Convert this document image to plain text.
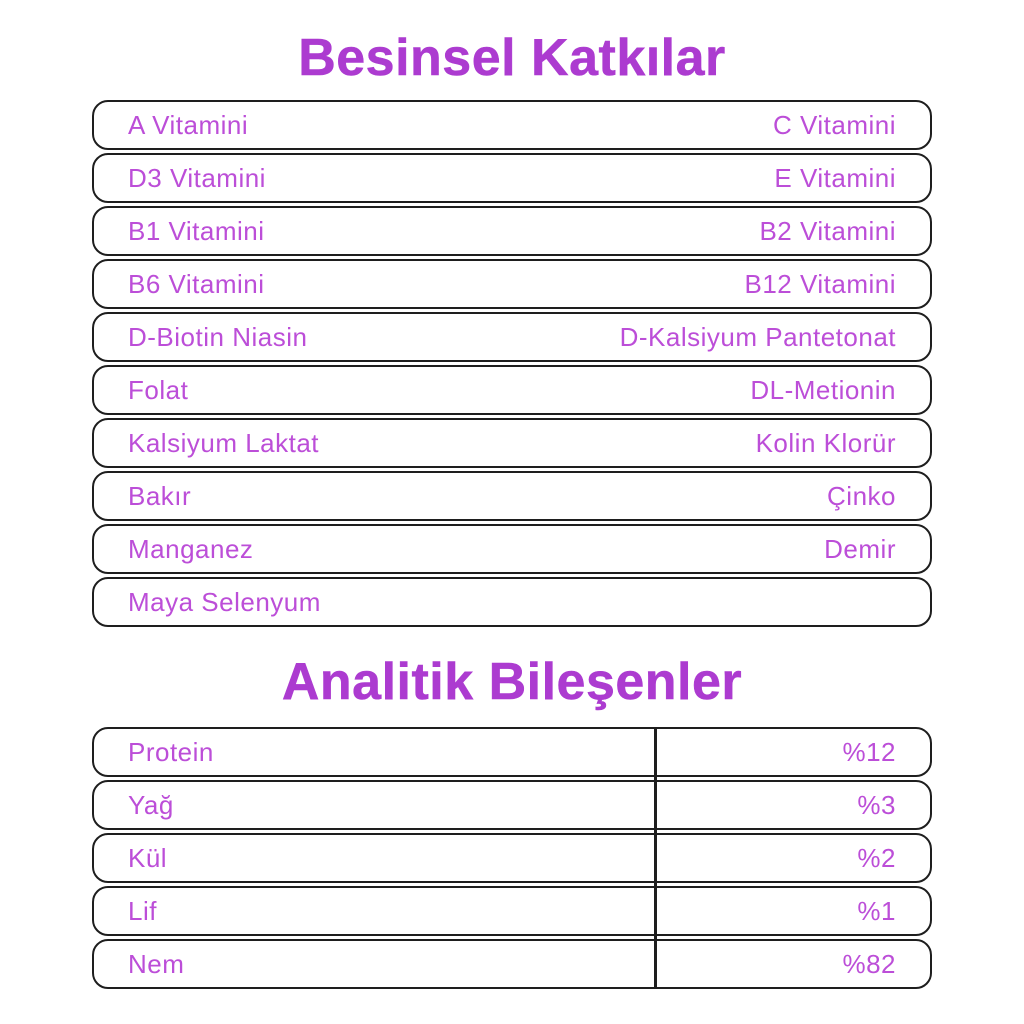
Besinsel Katkılar
A Vitamini	C Vitamini
D3 Vitamini	E Vitamini
B1 Vitamini	B2 Vitamini
B6 Vitamini	B12 Vitamini
D-Biotin Niasin	D-Kalsiyum Pantetonat
Folat	DL-Metionin
Kalsiyum Laktat	Kolin Klorür
Bakır	Çinko
Manganez	Demir
Maya Selenyum
Analitik Bileşenler
Protein	%12
Yağ	%3
Kül	%2
Lif	%1
Nem	%82
